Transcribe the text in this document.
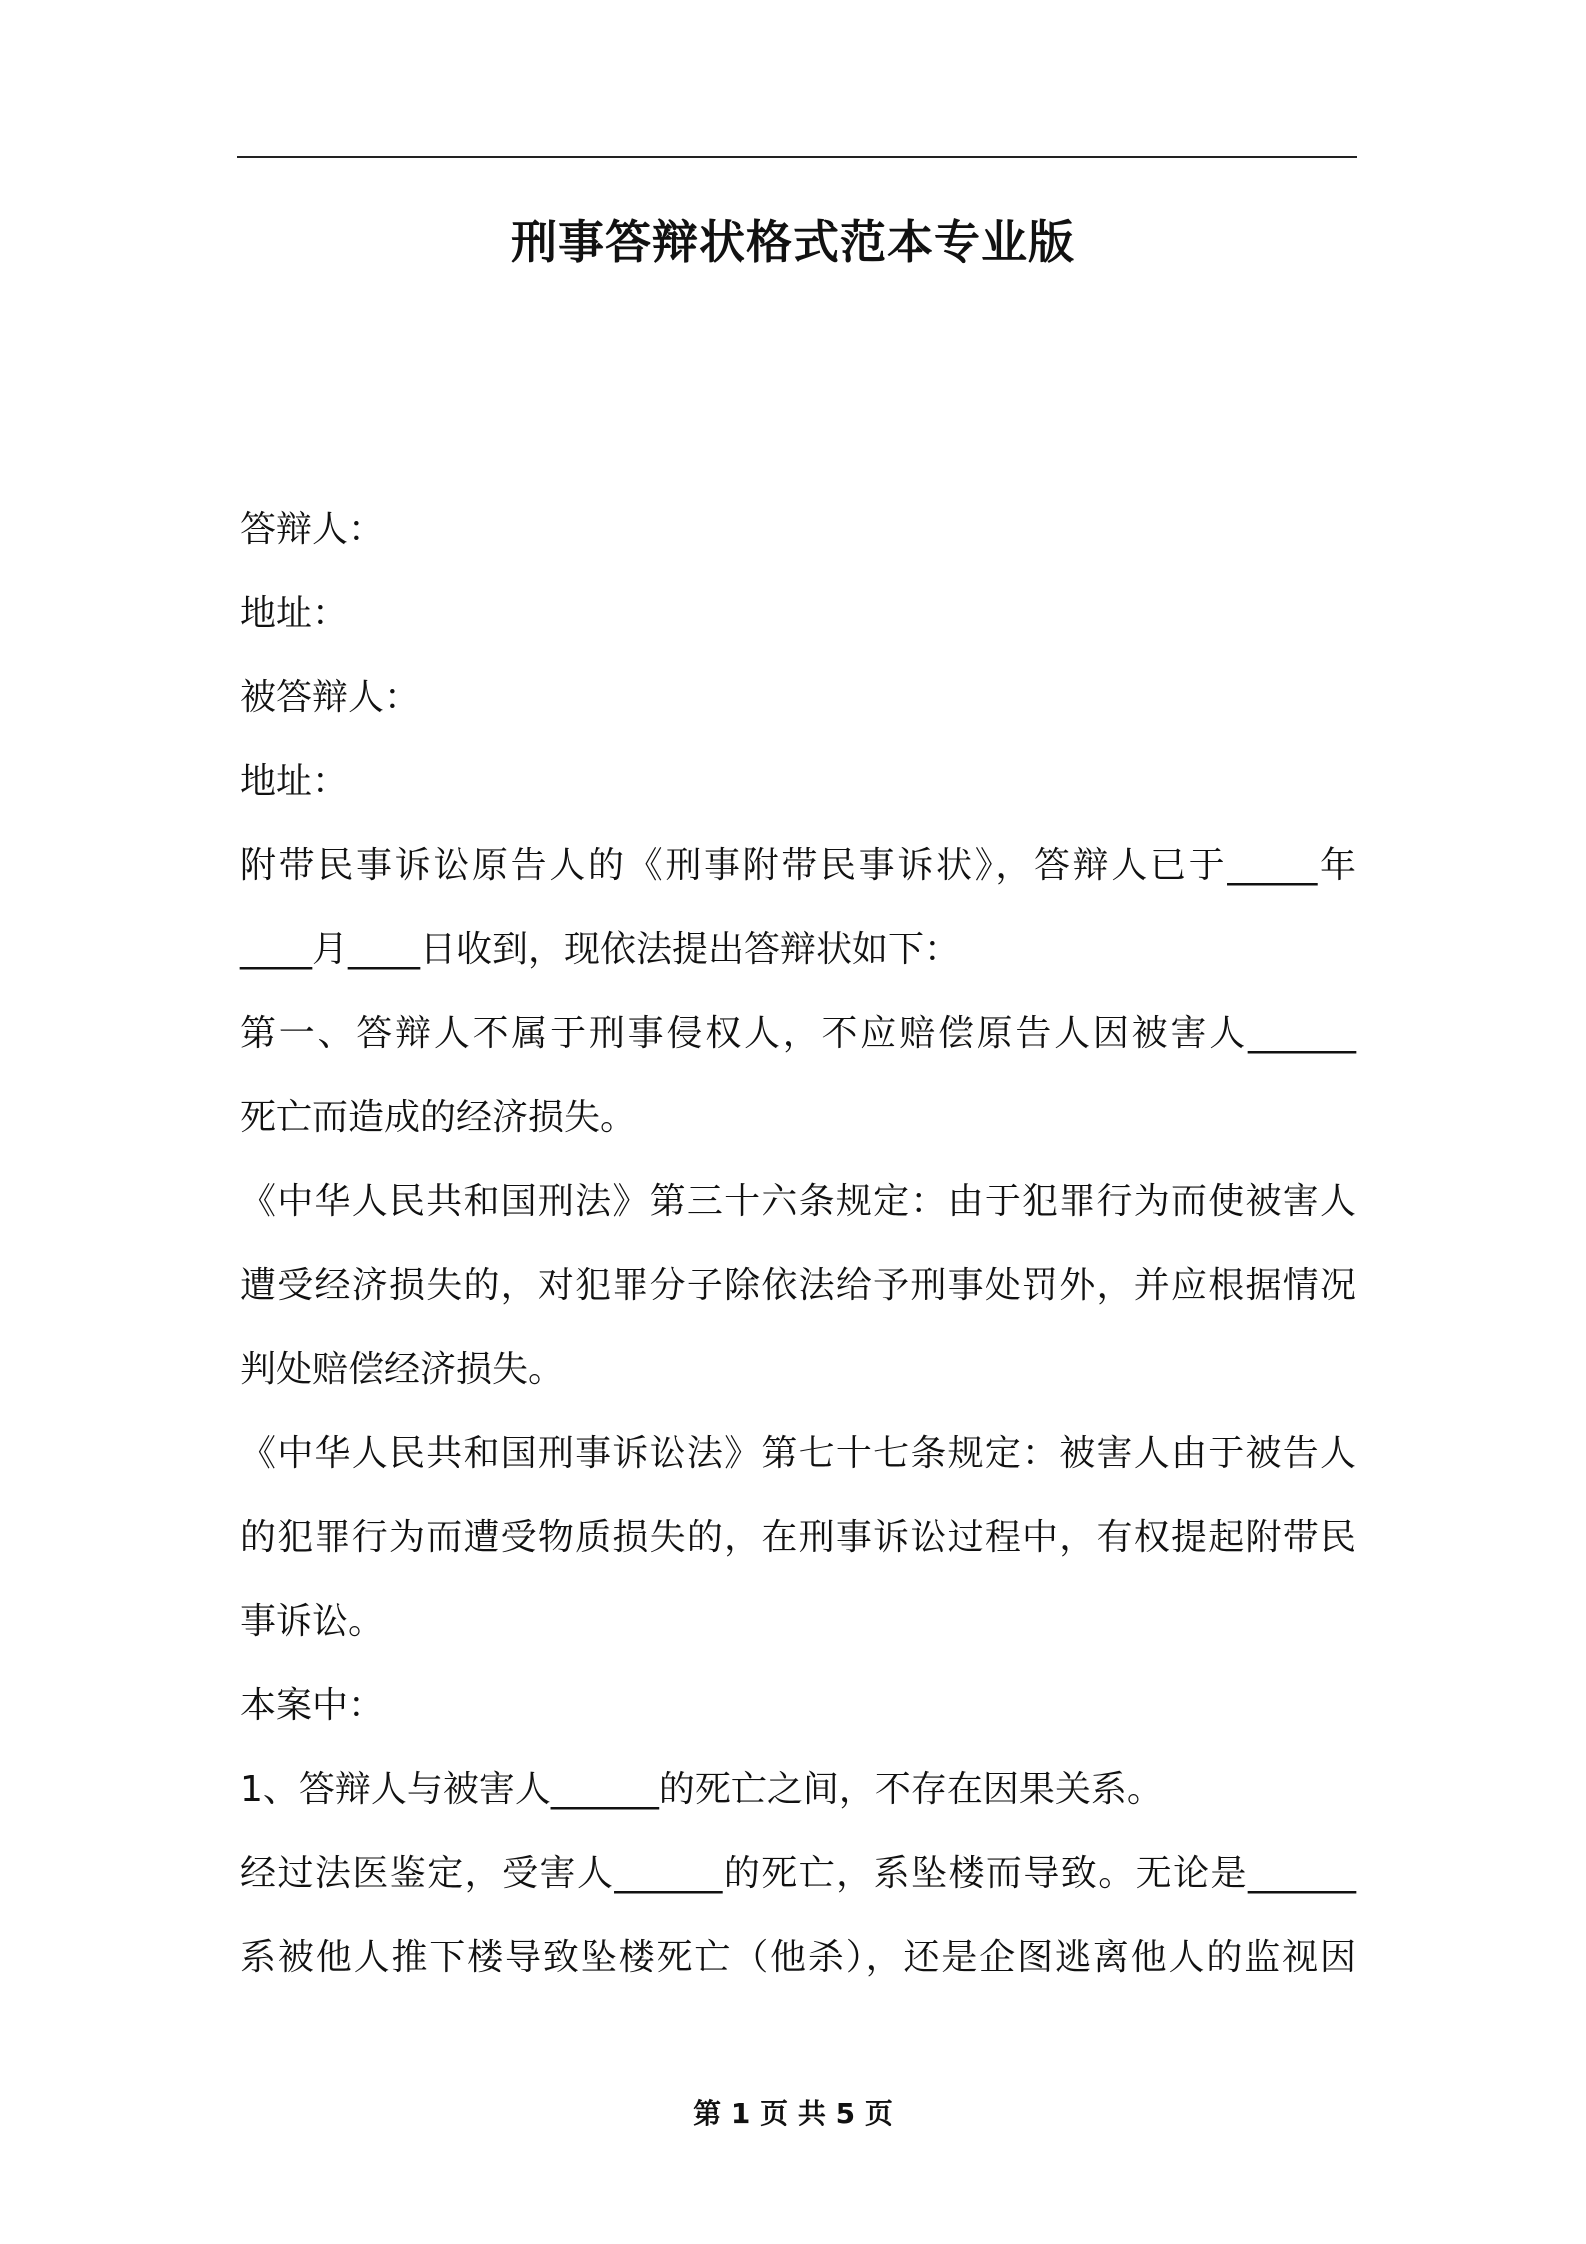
刑事答辩状格式范本专业版

答辩人：

地址：

被答辩人：

地址：

附带民事诉讼原告人的《刑事附带民事诉状》，答辩人已于_____年

____月____日收到，现依法提出答辩状如下：

第一、答辩人不属于刑事侵权人，不应赔偿原告人因被害人______

死亡而造成的经济损失。

《中华人民共和国刑法》第三十六条规定：由于犯罪行为而使被害人

遭受经济损失的，对犯罪分子除依法给予刑事处罚外，并应根据情况

判处赔偿经济损失。

《中华人民共和国刑事诉讼法》第七十七条规定：被害人由于被告人

的犯罪行为而遭受物质损失的，在刑事诉讼过程中，有权提起附带民

事诉讼。

本案中：

1、答辩人与被害人______的死亡之间，不存在因果关系。

经过法医鉴定，受害人______的死亡，系坠楼而导致。无论是______

系被他人推下楼导致坠楼死亡（他杀），还是企图逃离他人的监视因

第 1 页 共 5 页
